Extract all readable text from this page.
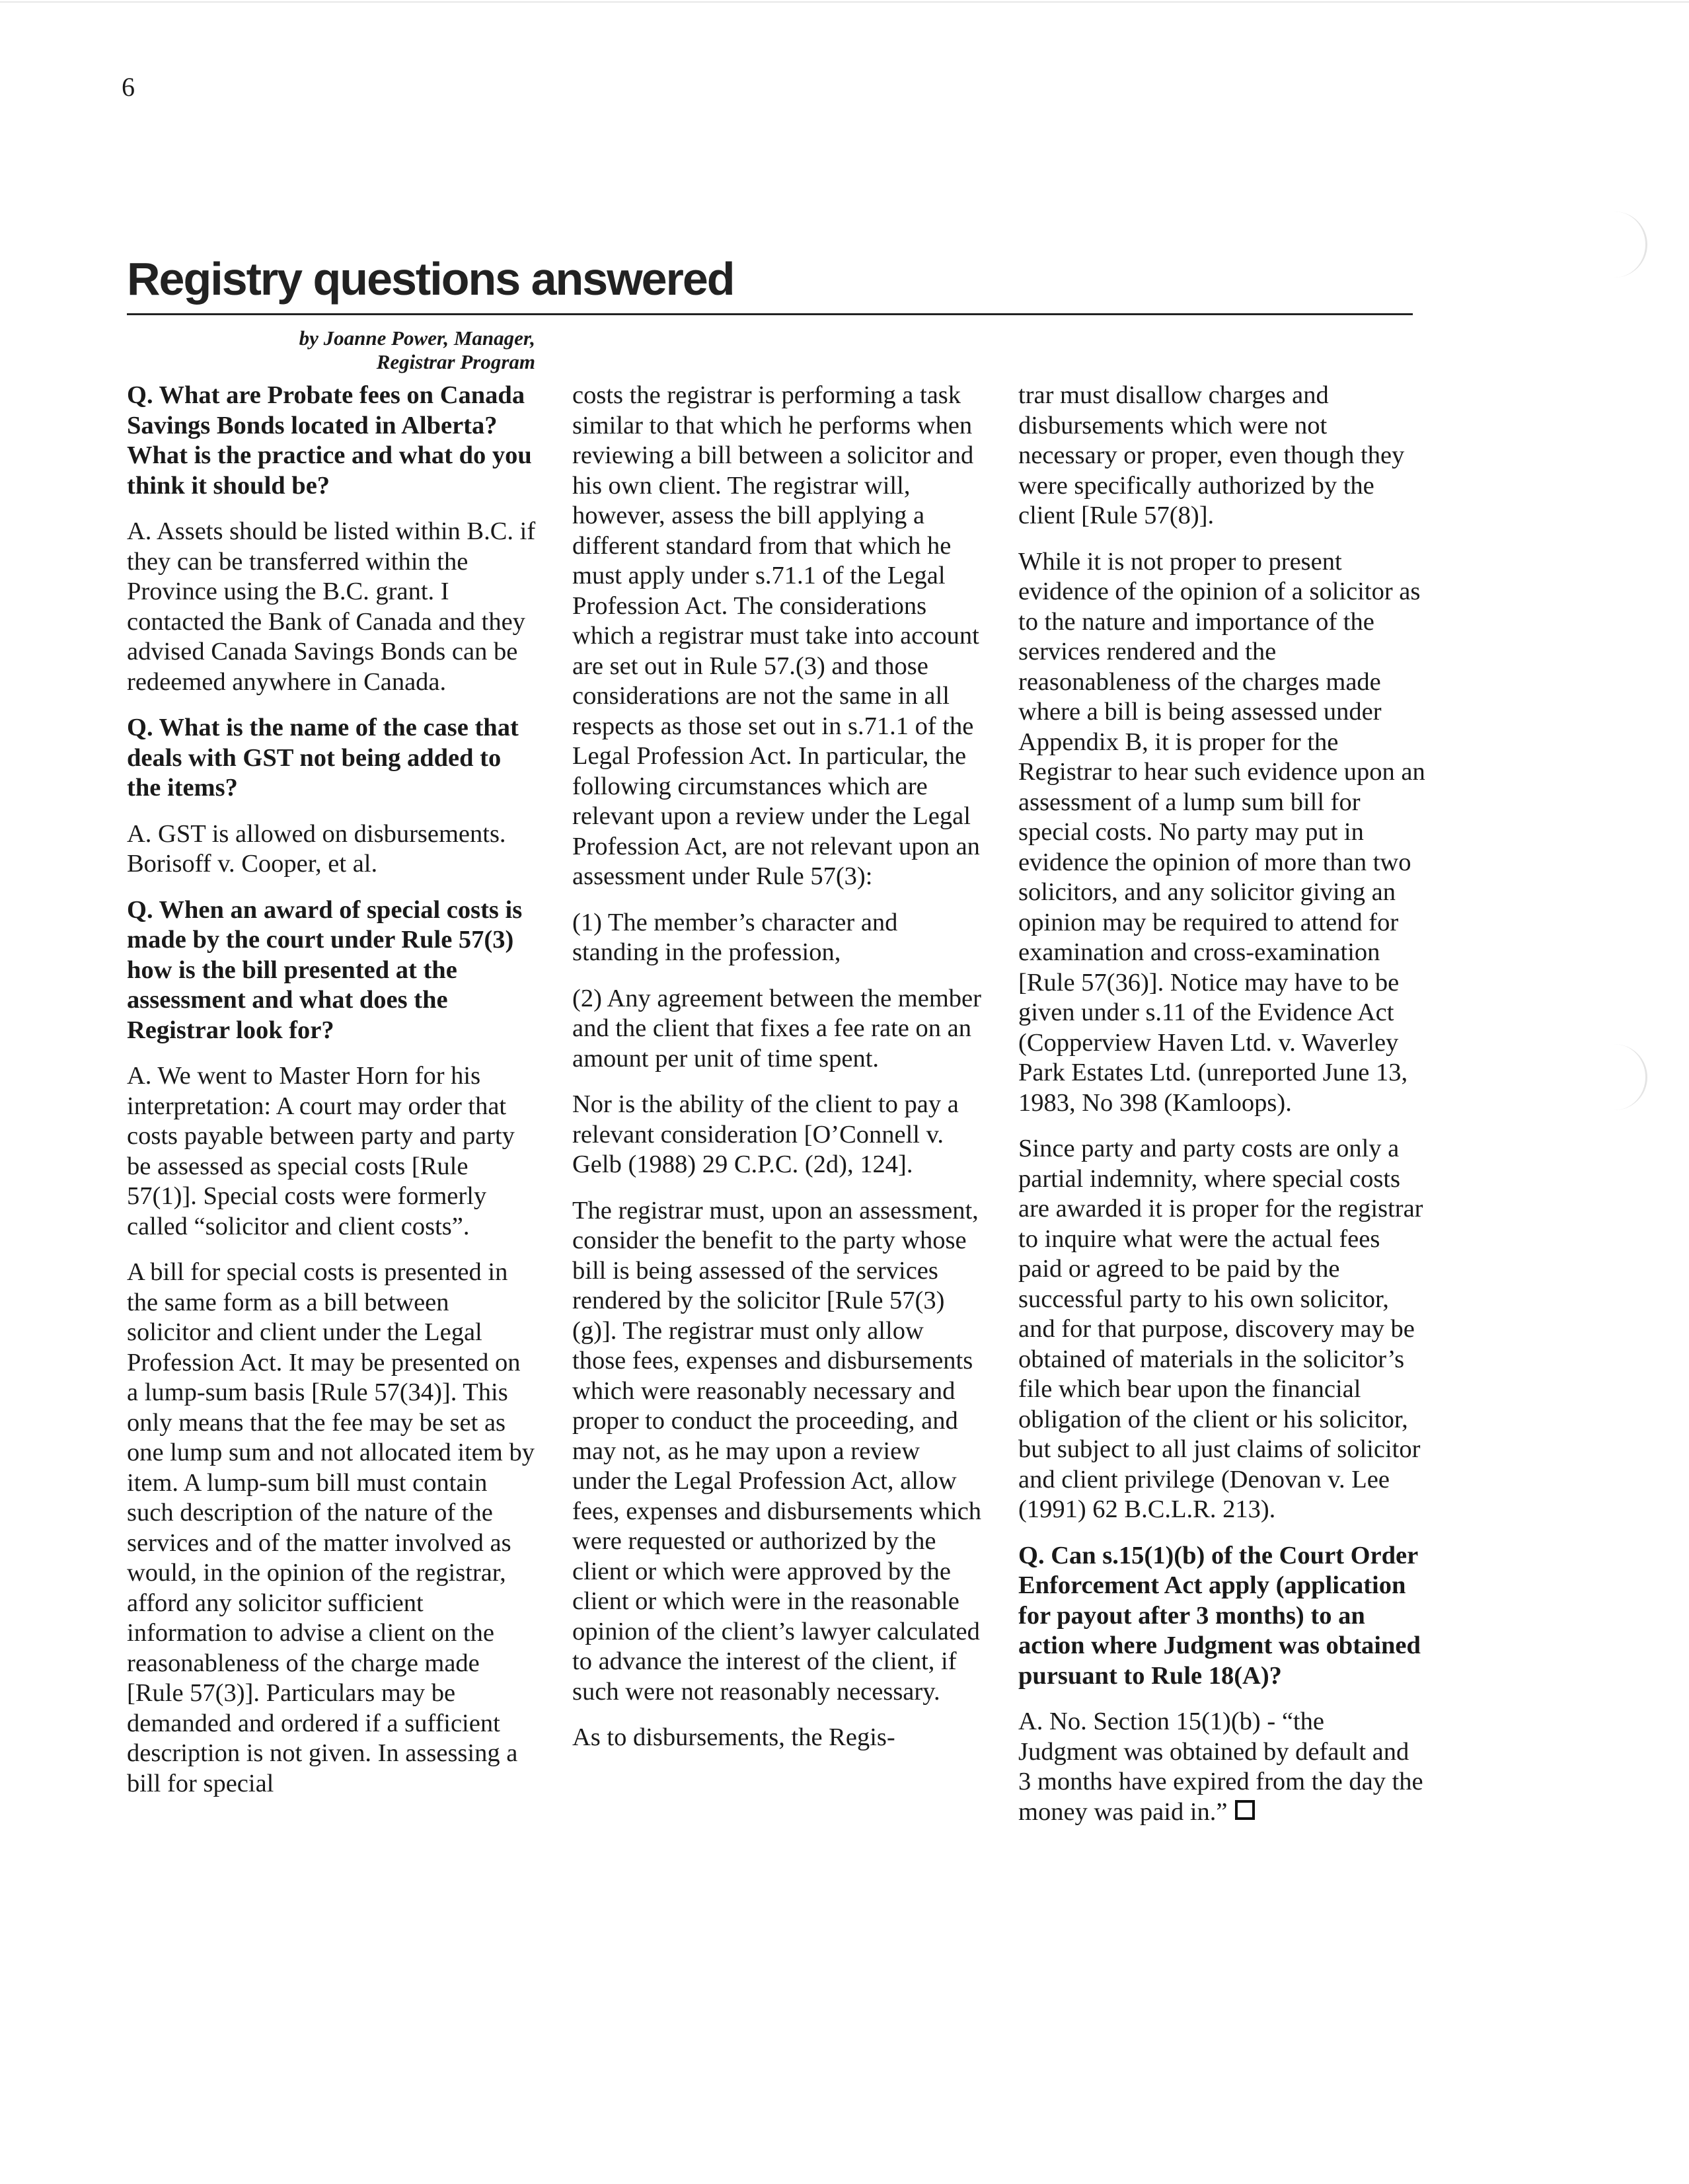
6
Registry questions answered
by Joanne Power, Manager,
Registrar Program

Q. What are Probate fees on Canada Savings Bonds located in Alberta? What is the practice and what do you think it should be?

A. Assets should be listed within B.C. if they can be transferred within the Province using the B.C. grant. I contacted the Bank of Canada and they advised Canada Savings Bonds can be redeemed anywhere in Canada.

Q. What is the name of the case that deals with GST not being added to the items?

A. GST is allowed on disbursements. Borisoff v. Cooper, et al.

Q. When an award of special costs is made by the court under Rule 57(3) how is the bill presented at the assessment and what does the Registrar look for?

A. We went to Master Horn for his interpretation: A court may order that costs payable between party and party be assessed as special costs [Rule 57(1)]. Special costs were formerly called “solicitor and client costs”.

A bill for special costs is presented in the same form as a bill between solicitor and client under the Legal Profession Act. It may be presented on a lump-sum basis [Rule 57(34)]. This only means that the fee may be set as one lump sum and not allocated item by item. A lump-sum bill must contain such description of the nature of the services and of the matter involved as would, in the opinion of the registrar, afford any solicitor sufficient information to advise a client on the reasonableness of the charge made [Rule 57(3)]. Particulars may be demanded and ordered if a sufficient description is not given. In assessing a bill for special

costs the registrar is performing a task similar to that which he performs when reviewing a bill between a solicitor and his own client. The registrar will, however, assess the bill applying a different standard from that which he must apply under s.71.1 of the Legal Profession Act. The considerations which a registrar must take into account are set out in Rule 57.(3) and those considerations are not the same in all respects as those set out in s.71.1 of the Legal Profession Act. In particular, the following circumstances which are relevant upon a review under the Legal Profession Act, are not relevant upon an assessment under Rule 57(3):

(1) The member’s character and standing in the profession,

(2) Any agreement between the member and the client that fixes a fee rate on an amount per unit of time spent.

Nor is the ability of the client to pay a relevant consideration [O’Connell v. Gelb (1988) 29 C.P.C. (2d), 124].

The registrar must, upon an assessment, consider the benefit to the party whose bill is being assessed of the services rendered by the solicitor [Rule 57(3)(g)]. The registrar must only allow those fees, expenses and disbursements which were reasonably necessary and proper to conduct the proceeding, and may not, as he may upon a review under the Legal Profession Act, allow fees, expenses and disbursements which were requested or authorized by the client or which were approved by the client or which were in the reasonable opinion of the client’s lawyer calculated to advance the interest of the client, if such were not reasonably necessary.

As to disbursements, the Regis-

trar must disallow charges and disbursements which were not necessary or proper, even though they were specifically authorized by the client [Rule 57(8)].

While it is not proper to present evidence of the opinion of a solicitor as to the nature and importance of the services rendered and the reasonableness of the charges made where a bill is being assessed under Appendix B, it is proper for the Registrar to hear such evidence upon an assessment of a lump sum bill for special costs. No party may put in evidence the opinion of more than two solicitors, and any solicitor giving an opinion may be required to attend for examination and cross-examination [Rule 57(36)]. Notice may have to be given under s.11 of the Evidence Act (Copperview Haven Ltd. v. Waverley Park Estates Ltd. (unreported June 13, 1983, No 398 (Kamloops).

Since party and party costs are only a partial indemnity, where special costs are awarded it is proper for the registrar to inquire what were the actual fees paid or agreed to be paid by the successful party to his own solicitor, and for that purpose, discovery may be obtained of materials in the solicitor’s file which bear upon the financial obligation of the client or his solicitor, but subject to all just claims of solicitor and client privilege (Denovan v. Lee (1991) 62 B.C.L.R. 213).

Q. Can s.15(1)(b) of the Court Order Enforcement Act apply (application for payout after 3 months) to an action where Judgment was obtained pursuant to Rule 18(A)?

A. No. Section 15(1)(b) - “the Judgment was obtained by default and 3 months have expired from the day the money was paid in.”
